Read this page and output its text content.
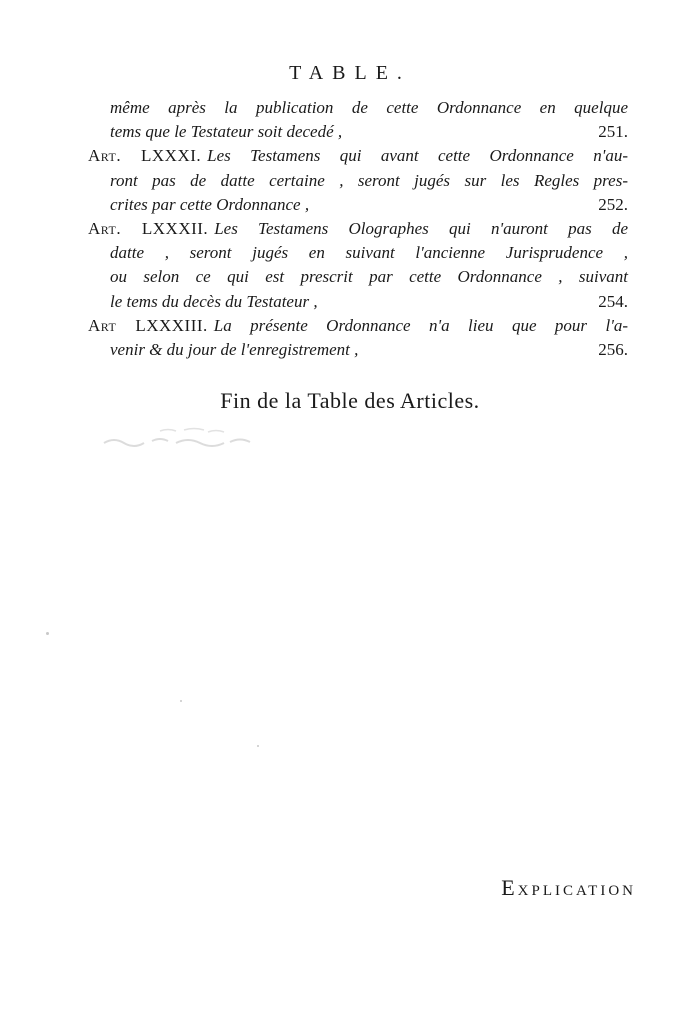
TABLE.
même après la publication de cette Ordonnance en quelque
tems que le Testateur soit decedé ,	251.
Art. LXXXI. Les Testamens qui avant cette Ordonnance n'au-
ront pas de datte certaine , seront jugés sur les Regles pres-
crites par cette Ordonnance ,	252.
Art. LXXXII. Les Testamens Olographes qui n'auront pas de
datte , seront jugés en suivant l'ancienne Jurisprudence ,
ou selon ce qui est prescrit par cette Ordonnance , suivant
le tems du decès du Testateur ,	254.
Art LXXXIII. La présente Ordonnance n'a lieu que pour l'a-
venir & du jour de l'enregistrement ,	256.
Fin de la Table des Articles.
Explication
